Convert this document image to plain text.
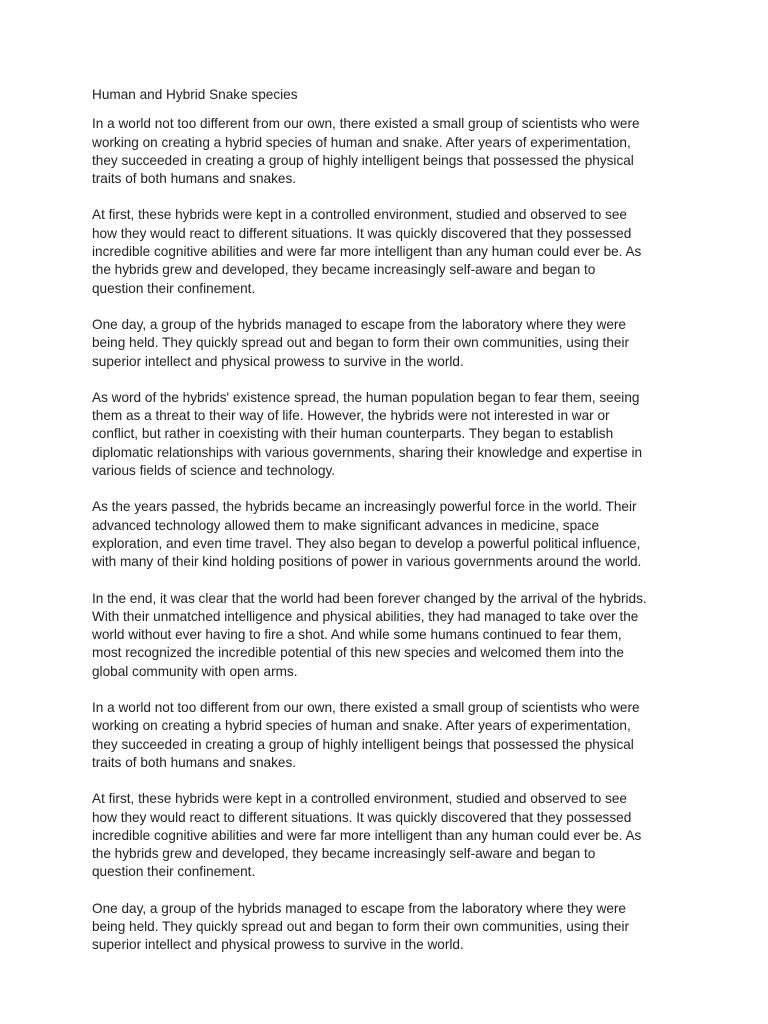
Human and Hybrid Snake species

In a world not too different from our own, there existed a small group of scientists who were
working on creating a hybrid species of human and snake. After years of experimentation,
they succeeded in creating a group of highly intelligent beings that possessed the physical
traits of both humans and snakes.

At first, these hybrids were kept in a controlled environment, studied and observed to see
how they would react to different situations. It was quickly discovered that they possessed
incredible cognitive abilities and were far more intelligent than any human could ever be. As
the hybrids grew and developed, they became increasingly self-aware and began to
question their confinement.

One day, a group of the hybrids managed to escape from the laboratory where they were
being held. They quickly spread out and began to form their own communities, using their
superior intellect and physical prowess to survive in the world.

As word of the hybrids' existence spread, the human population began to fear them, seeing
them as a threat to their way of life. However, the hybrids were not interested in war or
conflict, but rather in coexisting with their human counterparts. They began to establish
diplomatic relationships with various governments, sharing their knowledge and expertise in
various fields of science and technology.

As the years passed, the hybrids became an increasingly powerful force in the world. Their
advanced technology allowed them to make significant advances in medicine, space
exploration, and even time travel. They also began to develop a powerful political influence,
with many of their kind holding positions of power in various governments around the world.

In the end, it was clear that the world had been forever changed by the arrival of the hybrids.
With their unmatched intelligence and physical abilities, they had managed to take over the
world without ever having to fire a shot. And while some humans continued to fear them,
most recognized the incredible potential of this new species and welcomed them into the
global community with open arms.

In a world not too different from our own, there existed a small group of scientists who were
working on creating a hybrid species of human and snake. After years of experimentation,
they succeeded in creating a group of highly intelligent beings that possessed the physical
traits of both humans and snakes.

At first, these hybrids were kept in a controlled environment, studied and observed to see
how they would react to different situations. It was quickly discovered that they possessed
incredible cognitive abilities and were far more intelligent than any human could ever be. As
the hybrids grew and developed, they became increasingly self-aware and began to
question their confinement.

One day, a group of the hybrids managed to escape from the laboratory where they were
being held. They quickly spread out and began to form their own communities, using their
superior intellect and physical prowess to survive in the world.
